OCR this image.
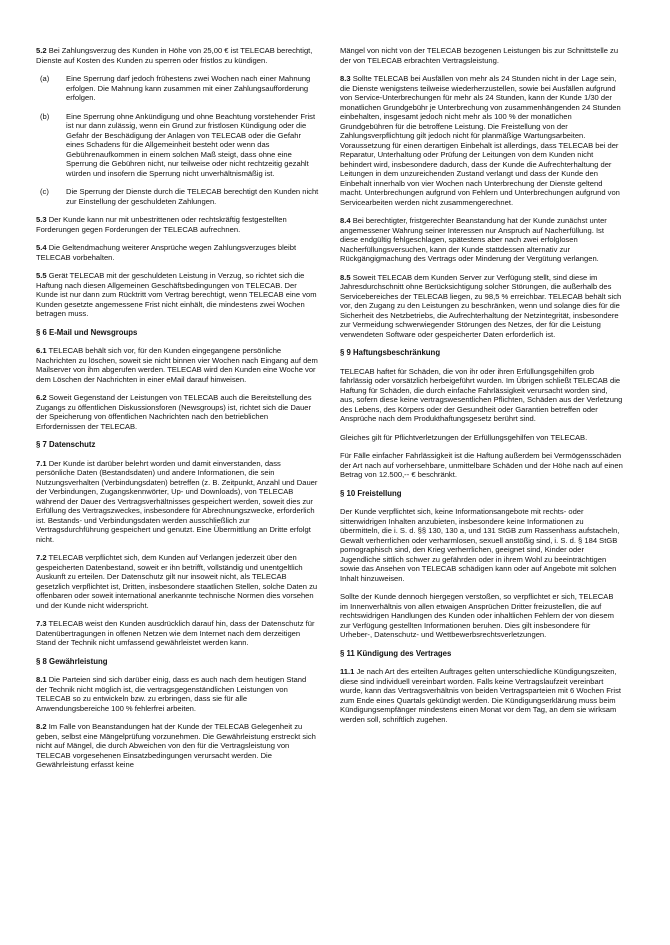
5.2 Bei Zahlungsverzug des Kunden in Höhe von 25,00 € ist TELECAB berechtigt, Dienste auf Kosten des Kunden zu sperren oder fristlos zu kündigen.

(a)	Eine Sperrung darf jedoch frühestens zwei Wochen nach einer Mahnung erfolgen. Die Mahnung kann zusammen mit einer Zahlungsaufforderung erfolgen.
(b)	Eine Sperrung ohne Ankündigung und ohne Beachtung vorstehender Frist ist nur dann zulässig, wenn ein Grund zur fristlosen Kündigung oder die Gefahr der Beschädigung der Anlagen von TELECAB oder die Gefahr eines Schadens für die Allgemeinheit besteht oder wenn das Gebührenaufkommen in einem solchen Maß steigt, dass ohne eine Sperrung die Gebühren nicht, nur teilweise oder nicht rechtzeitig gezahlt würden und insofern die Sperrung nicht unverhältnismäßig ist.
(c)	Die Sperrung der Dienste durch die TELECAB berechtigt den Kunden nicht zur Einstellung der geschuldeten Zahlungen.

5.3 Der Kunde kann nur mit unbestrittenen oder rechtskräftig festgestellten Forderungen gegen Forderungen der TELECAB aufrechnen.

5.4 Die Geltendmachung weiterer Ansprüche wegen Zahlungsverzuges bleibt TELECAB vorbehalten.

5.5 Gerät TELECAB mit der geschuldeten Leistung in Verzug, so richtet sich die Haftung nach diesen Allgemeinen Geschäftsbedingungen von TELECAB. Der Kunde ist nur dann zum Rücktritt vom Vertrag berechtigt, wenn TELECAB eine vom Kunden gesetzte angemessene Frist nicht einhält, die mindestens zwei Wochen betragen muss.

§ 6 E-Mail und Newsgroups

6.1 TELECAB behält sich vor, für den Kunden eingegangene persönliche Nachrichten zu löschen, soweit sie nicht binnen vier Wochen nach Eingang auf dem Mailserver von ihm abgerufen werden. TELECAB wird den Kunden eine Woche vor dem Löschen der Nachrichten in einer eMail darauf hinweisen.

6.2 Soweit Gegenstand der Leistungen von TELECAB auch die Bereitstellung des Zugangs zu öffentlichen Diskussionsforen (Newsgroups) ist, richtet sich die Dauer der Speicherung von öffentlichen Nachrichten nach den betrieblichen Erfordernissen der TELECAB.

§ 7 Datenschutz

7.1 Der Kunde ist darüber belehrt worden und damit einverstanden, dass persönliche Daten (Bestandsdaten) und andere Informationen, die sein Nutzungsverhalten (Verbindungsdaten) betreffen (z. B. Zeitpunkt, Anzahl und Dauer der Verbindungen, Zugangskennwörter, Up- und Downloads), von TELECAB während der Dauer des Vertragsverhältnisses gespeichert werden, soweit dies zur Erfüllung des Vertragszweckes, insbesondere für Abrechnungszwecke, erforderlich ist. Bestands- und Verbindungsdaten werden ausschließlich zur Vertragsdurchführung gespeichert und genutzt. Eine Übermittlung an Dritte erfolgt nicht.

7.2 TELECAB verpflichtet sich, dem Kunden auf Verlangen jederzeit über den gespeicherten Datenbestand, soweit er ihn betrifft, vollständig und unentgeltlich Auskunft zu erteilen. Der Datenschutz gilt nur insoweit nicht, als TELECAB gesetzlich verpflichtet ist, Dritten, insbesondere staatlichen Stellen, solche Daten zu offenbaren oder soweit international anerkannte technische Normen dies vorsehen und der Kunde nicht widerspricht.

7.3 TELECAB weist den Kunden ausdrücklich darauf hin, dass der Datenschutz für Datenübertragungen in offenen Netzen wie dem Internet nach dem derzeitigen Stand der Technik nicht umfassend gewährleistet werden kann.

§ 8 Gewährleistung

8.1 Die Parteien sind sich darüber einig, dass es auch nach dem heutigen Stand der Technik nicht möglich ist, die vertragsgegenständlichen Leistungen von TELECAB so zu entwickeln bzw. zu erbringen, dass sie für alle Anwendungsbereiche 100 % fehlerfrei arbeiten.

8.2 Im Falle von Beanstandungen hat der Kunde der TELECAB Gelegenheit zu geben, selbst eine Mängelprüfung vorzunehmen. Die Gewährleistung erstreckt sich nicht auf Mängel, die durch Abweichen von den für die Vertragsleistung von TELECAB vorgesehenen Einsatzbedingungen verursacht werden. Die Gewährleistung erfasst keine

Mängel von nicht von der TELECAB bezogenen Leistungen bis zur Schnittstelle zu der von TELECAB erbrachten Vertragsleistung.

8.3 Sollte TELECAB bei Ausfällen von mehr als 24 Stunden nicht in der Lage sein, die Dienste wenigstens teilweise wiederherzustellen, sowie bei Ausfällen aufgrund von Service-Unterbrechungen für mehr als 24 Stunden, kann der Kunde 1/30 der monatlichen Grundgebühr je Unterbrechung von zusammenhängenden 24 Stunden einbehalten, insgesamt jedoch nicht mehr als 100 % der monatlichen Grundgebühren für die betroffene Leistung. Die Freistellung von der Zahlungsverpflichtung gilt jedoch nicht für planmäßige Wartungsarbeiten. Voraussetzung für einen derartigen Einbehalt ist allerdings, dass TELECAB bei der Reparatur, Unterhaltung oder Prüfung der Leitungen von dem Kunden nicht behindert wird, insbesondere dadurch, dass der Kunde die Aufrechterhaltung der Leitungen in dem unzureichenden Zustand verlangt und dass der Kunde den Einbehalt innerhalb von vier Wochen nach Unterbrechung der Dienste geltend macht. Unterbrechungen aufgrund von Fehlern und Unterbrechungen aufgrund von Servicearbeiten werden nicht zusammengerechnet.

8.4 Bei berechtigter, fristgerechter Beanstandung hat der Kunde zunächst unter angemessener Wahrung seiner Interessen nur Anspruch auf Nacherfüllung. Ist diese endgültig fehlgeschlagen, spätestens aber nach zwei erfolglosen Nacherfüllungsversuchen, kann der Kunde stattdessen alternativ zur Rückgängigmachung des Vertrags oder Minderung der Vergütung verlangen.

8.5 Soweit TELECAB dem Kunden Server zur Verfügung stellt, sind diese im Jahresdurchschnitt ohne Berücksichtigung solcher Störungen, die außerhalb des Servicebereiches der TELECAB liegen, zu 98,5 % erreichbar. TELECAB behält sich vor, den Zugang zu den Leistungen zu beschränken, wenn und solange dies für die Sicherheit des Netzbetriebs, die Aufrechterhaltung der Netzintegrität, insbesondere zur Vermeidung schwerwiegender Störungen des Netzes, der für die Leistung verwendeten Software oder gespeicherter Daten erforderlich ist.

§ 9 Haftungsbeschränkung

TELECAB haftet für Schäden, die von ihr oder ihren Erfüllungsgehilfen grob fahrlässig oder vorsätzlich herbeigeführt wurden. Im Übrigen schließt TELECAB die Haftung für Schäden, die durch einfache Fahrlässigkeit verursacht worden sind, aus, sofern diese keine vertragswesentlichen Pflichten, Schäden aus der Verletzung des Lebens, des Körpers oder der Gesundheit oder Garantien betreffen oder Ansprüche nach dem Produkthaftungsgesetz berührt sind.

Gleiches gilt für Pflichtverletzungen der Erfüllungsgehilfen von TELECAB.

Für Fälle einfacher Fahrlässigkeit ist die Haftung außerdem bei Vermögensschäden der Art nach auf vorhersehbare, unmittelbare Schäden und der Höhe nach auf einen Betrag von 12.500,-- € beschränkt.

§ 10 Freistellung

Der Kunde verpflichtet sich, keine Informationsangebote mit rechts- oder sittenwidrigen Inhalten anzubieten, insbesondere keine Informationen zu übermitteln, die i. S. d. §§ 130, 130 a, und 131 StGB zum Rassenhass aufstacheln, Gewalt verherrlichen oder verharmlosen, sexuell anstößig sind, i. S. d. § 184 StGB pornographisch sind, den Krieg verherrlichen, geeignet sind, Kinder oder Jugendliche sittlich schwer zu gefährden oder in ihrem Wohl zu beeinträchtigen sowie das Ansehen von TELECAB schädigen kann oder auf Angebote mit solchen Inhalt hinzuweisen.

Sollte der Kunde dennoch hiergegen verstoßen, so verpflichtet er sich, TELECAB im Innenverhältnis von allen etwaigen Ansprüchen Dritter freizustellen, die auf rechtswidrigen Handlungen des Kunden oder inhaltlichen Fehlern der von diesem zur Verfügung gestellten Informationen beruhen. Dies gilt insbesondere für Urheber-, Datenschutz- und Wettbewerbsrechtsverletzungen.

§ 11 Kündigung des Vertrages

11.1 Je nach Art des erteilten Auftrages gelten unterschiedliche Kündigungszeiten, diese sind individuell vereinbart worden. Falls keine Vertragslaufzeit vereinbart wurde, kann das Vertragsverhältnis von beiden Vertragsparteien mit 6 Wochen Frist zum Ende eines Quartals gekündigt werden. Die Kündigungserklärung muss beim Kündigungsempfänger mindestens einen Monat vor dem Tag, an dem sie wirksam werden soll, schriftlich zugehen.
